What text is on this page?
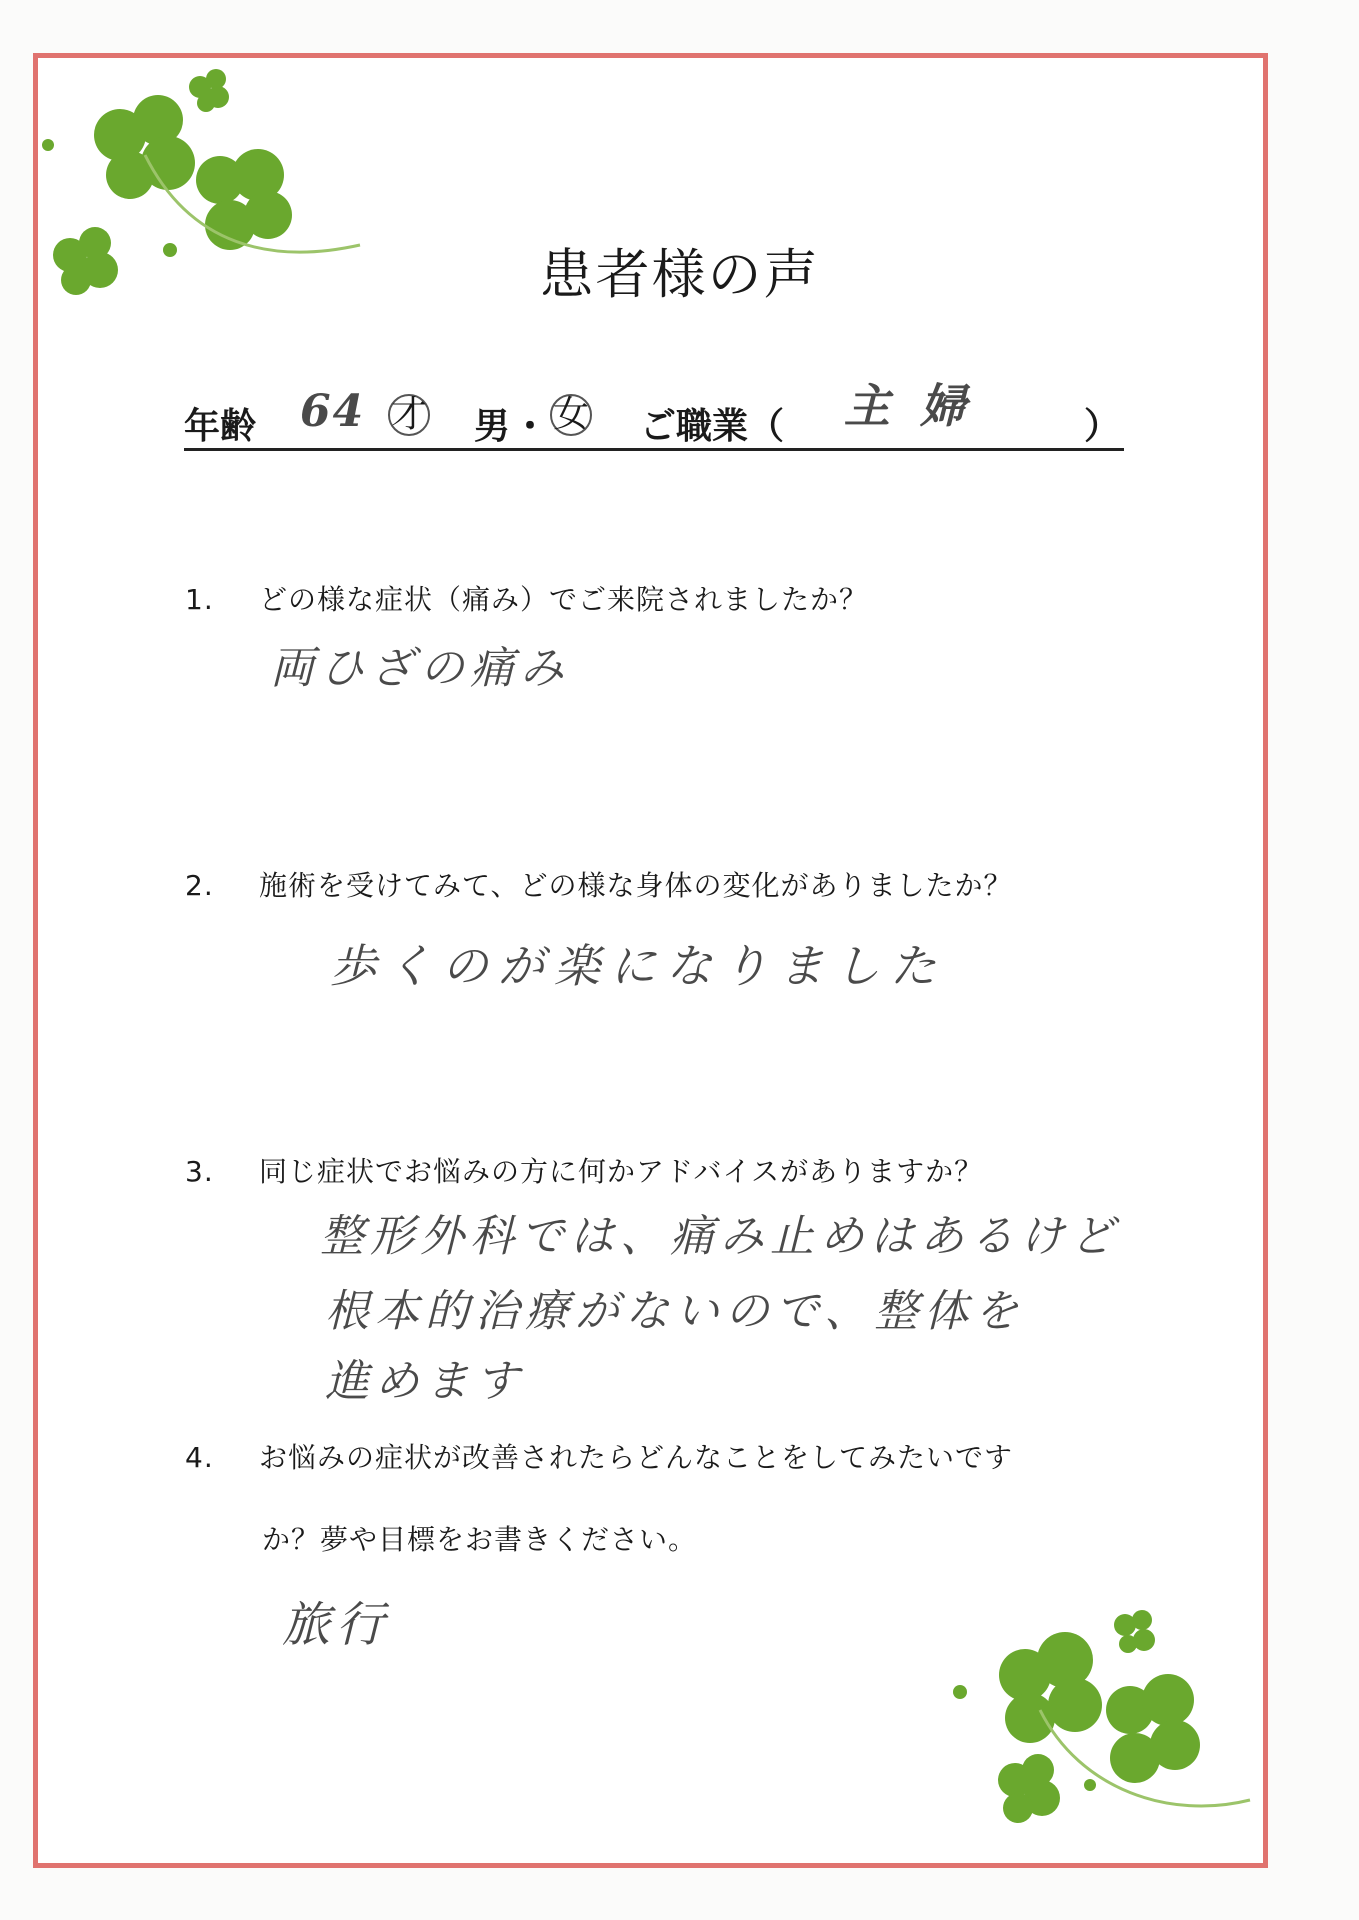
患者様の声
年齢 64 才 男 ・ 女 ご職業（ 主婦 ）
1. どの様な症状（痛み）でご来院されましたか？
両ひざの痛み
2. 施術を受けてみて、どの様な身体の変化がありましたか？
歩くのが楽になりました
3. 同じ症状でお悩みの方に何かアドバイスがありますか？
整形外科では、痛み止めはあるけど
根本的治療がないので、整体を
進めます
4. お悩みの症状が改善されたらどんなことをしてみたいです
か？夢や目標をお書きください。
旅行
